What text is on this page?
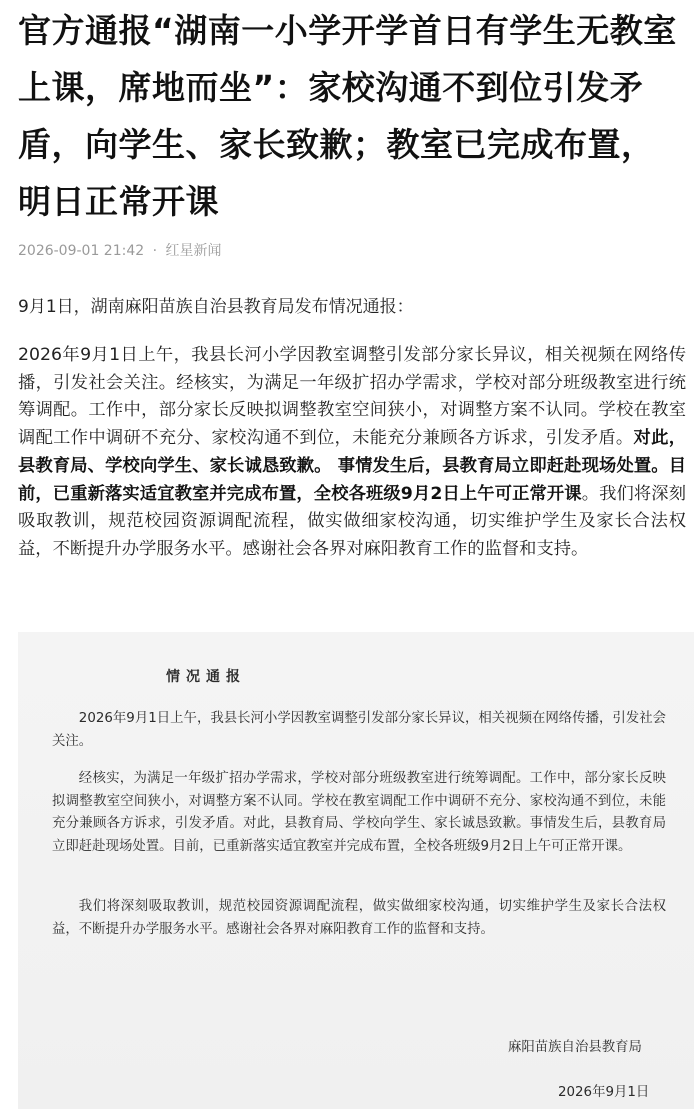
官方通报“湖南一小学开学首日有学生无教室上课，席地而坐”：家校沟通不到位引发矛盾，向学生、家长致歉；教室已完成布置，明日正常开课
2026-09-01 21:42 · 红星新闻

9月1日，湖南麻阳苗族自治县教育局发布情况通报：

2026年9月1日上午，我县长河小学因教室调整引发部分家长异议，相关视频在网络传播，引发社会关注。经核实，为满足一年级扩招办学需求，学校对部分班级教室进行统筹调配。工作中，部分家长反映拟调整教室空间狭小，对调整方案不认同。学校在教室调配工作中调研不充分、家校沟通不到位，未能充分兼顾各方诉求，引发矛盾。对此，县教育局、学校向学生、家长诚恳致歉。 事情发生后，县教育局立即赶赴现场处置。目前，已重新落实适宜教室并完成布置，全校各班级9月2日上午可正常开课。我们将深刻吸取教训，规范校园资源调配流程，做实做细家校沟通，切实维护学生及家长合法权益，不断提升办学服务水平。感谢社会各界对麻阳教育工作的监督和支持。

情况通报

2026年9月1日上午，我县长河小学因教室调整引发部分家长异议，相关视频在网络传播，引发社会关注。

经核实，为满足一年级扩招办学需求，学校对部分班级教室进行统筹调配。工作中，部分家长反映拟调整教室空间狭小，对调整方案不认同。学校在教室调配工作中调研不充分、家校沟通不到位，未能充分兼顾各方诉求，引发矛盾。对此，县教育局、学校向学生、家长诚恳致歉。事情发生后，县教育局立即赶赴现场处置。目前，已重新落实适宜教室并完成布置，全校各班级9月2日上午可正常开课。

我们将深刻吸取教训，规范校园资源调配流程，做实做细家校沟通，切实维护学生及家长合法权益，不断提升办学服务水平。感谢社会各界对麻阳教育工作的监督和支持。

麻阳苗族自治县教育局

2026年9月1日
